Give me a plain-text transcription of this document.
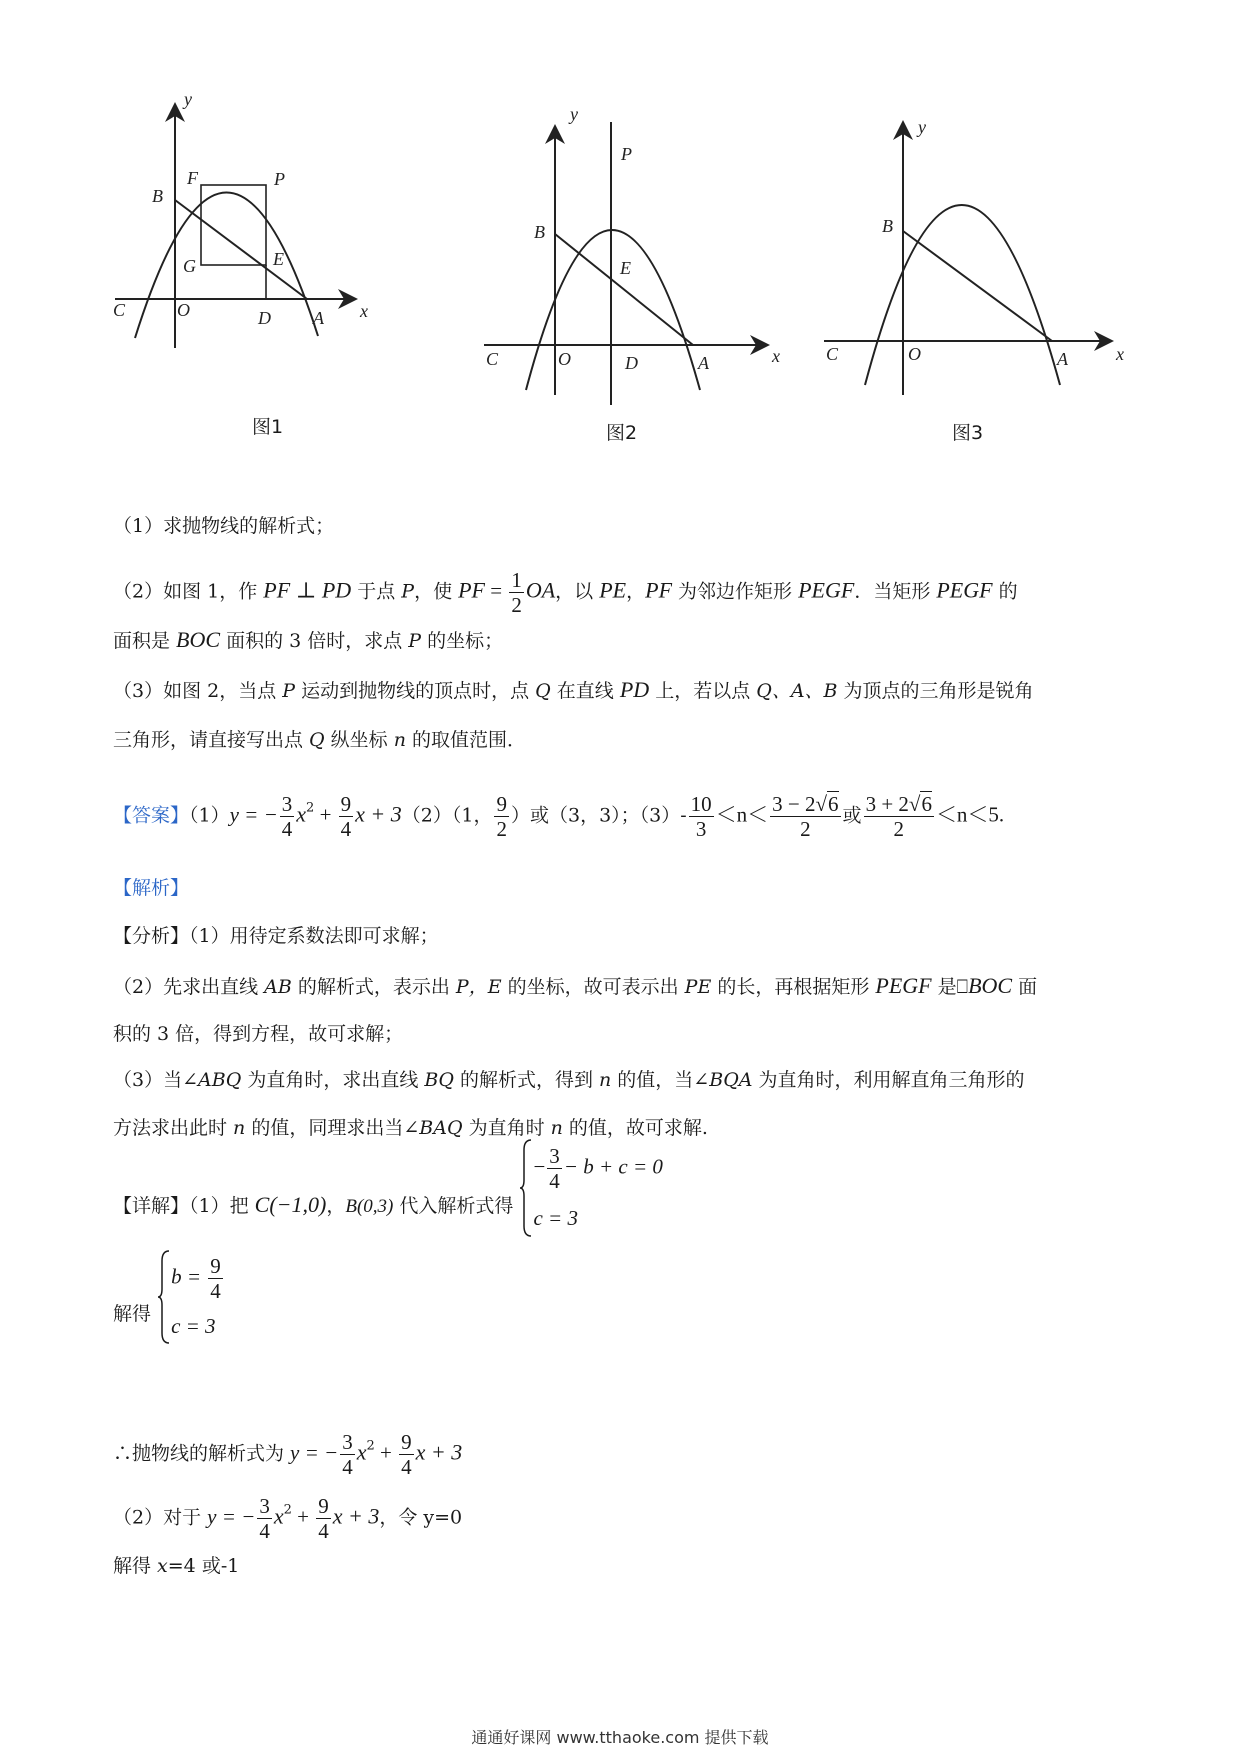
y
x
B
F	P
G	E
C	O	D A
图1
y
x
B
P
E
C	O	D	A
图2
y
x
B
C	O	A
图3
（1）求抛物线的解析式；
（2）如图 1，作 PF ⊥ PD 于点 P，使 PF = $\frac{1}{2}$ OA，以 PE，PF 为邻边作矩形 PEGF．当矩形 PEGF 的
面积是 BOC 面积的 3 倍时，求点 P 的坐标；
（3）如图 2，当点 P 运动到抛物线的顶点时，点 Q 在直线 PD 上，若以点 Q、A、B 为顶点的三角形是锐角
三角形，请直接写出点 Q 纵坐标 n 的取值范围．
【答案】（1）y = − $\frac{3}{4} x^2 + \frac{9}{4}$ x + 3（2）（1， $\frac{9}{2}$ ）或（3，3）；$(3)- \frac{10}{3} <n< \frac{3 - 2√6}{2}$ 或 $\frac{3 + 2√6}{2} <n<5$.
【解析】
【分析】（1）用待定系数法即可求解；
（2）先求出直线 AB 的解析式，表示出 P，E 的坐标，故可表示出 PE 的长，再根据矩形 PEGF 是⎕BOC 面
积的 3 倍，得到方程，故可求解；
（3）当∠ABQ 为直角时，求出直线 BQ 的解析式，得到 n 的值，当∠BQA 为直角时，利用解直角三角形的
方法求出此时 n 的值，同理求出当∠BAQ 为直角时 n 的值，故可求解.
【详解】（1）把 C(−1,0)，B(0,3) 代入解析式得
− $\frac{3}{4} - b + c = 0$
c = 3
解得
$b = \frac{9}{4}$
c = 3
∴抛物线的解析式为 y = − $\frac{3}{4} x^2 + \frac{9}{4}$ x + 3
（2）对于 y = − $\frac{3}{4} x^2 + \frac{9}{4}$ x + 3，令 y=0
解得 x=4 或-1
通通好课网 www.tthaoke.com 提供下载
